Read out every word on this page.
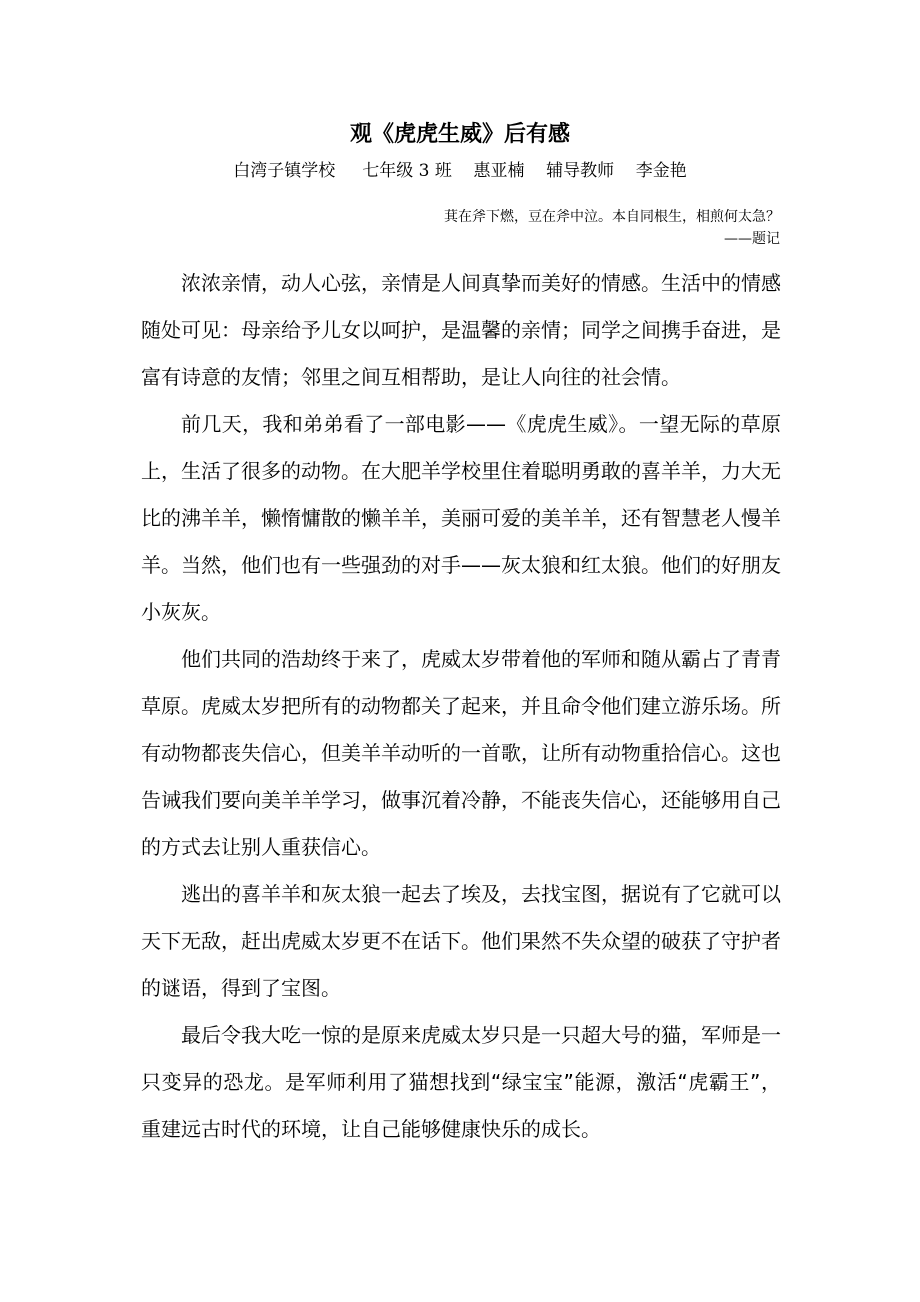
观《虎虎生威》后有感
白湾子镇学校     七年级 3 班    惠亚楠    辅导教师    李金艳
萁在斧下燃，豆在斧中泣。本自同根生，相煎何太急？
——题记

浓浓亲情，动人心弦，亲情是人间真挚而美好的情感。生活中的情感随处可见：母亲给予儿女以呵护，是温馨的亲情；同学之间携手奋进，是富有诗意的友情；邻里之间互相帮助，是让人向往的社会情。

前几天，我和弟弟看了一部电影——《虎虎生威》。一望无际的草原上，生活了很多的动物。在大肥羊学校里住着聪明勇敢的喜羊羊，力大无比的沸羊羊，懒惰慵散的懒羊羊，美丽可爱的美羊羊，还有智慧老人慢羊羊。当然，他们也有一些强劲的对手——灰太狼和红太狼。他们的好朋友小灰灰。

他们共同的浩劫终于来了，虎威太岁带着他的军师和随从霸占了青青草原。虎威太岁把所有的动物都关了起来，并且命令他们建立游乐场。所有动物都丧失信心，但美羊羊动听的一首歌，让所有动物重拾信心。这也告诫我们要向美羊羊学习，做事沉着冷静，不能丧失信心，还能够用自己的方式去让别人重获信心。

逃出的喜羊羊和灰太狼一起去了埃及，去找宝图，据说有了它就可以天下无敌，赶出虎威太岁更不在话下。他们果然不失众望的破获了守护者的谜语，得到了宝图。

最后令我大吃一惊的是原来虎威太岁只是一只超大号的猫，军师是一只变异的恐龙。是军师利用了猫想找到“绿宝宝”能源，激活“虎霸王”，重建远古时代的环境，让自己能够健康快乐的成长。
